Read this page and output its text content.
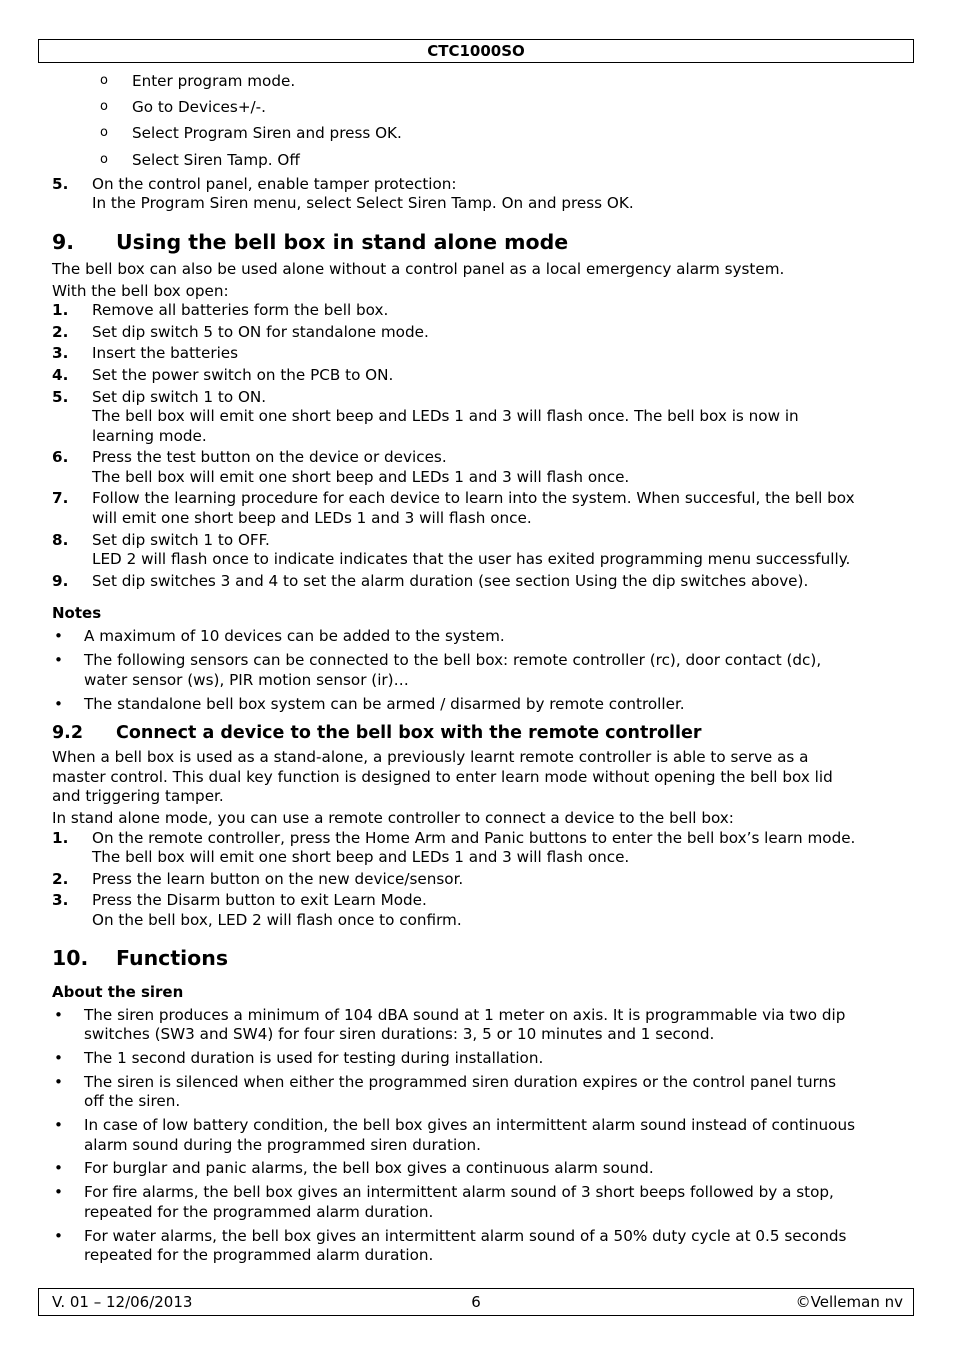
CTC1000SO
o Enter program mode.
o Go to Devices+/-.
o Select Program Siren and press OK.
o Select Siren Tamp. Off
5. On the control panel, enable tamper protection:
In the Program Siren menu, select Select Siren Tamp. On and press OK.
9. Using the bell box in stand alone mode

The bell box can also be used alone without a control panel as a local emergency alarm system.

With the bell box open:

1. Remove all batteries form the bell box.
2. Set dip switch 5 to ON for standalone mode.
3. Insert the batteries
4. Set the power switch on the PCB to ON.
5. Set dip switch 1 to ON.
The bell box will emit one short beep and LEDs 1 and 3 will flash once. The bell box is now in
learning mode.
6. Press the test button on the device or devices.
The bell box will emit one short beep and LEDs 1 and 3 will flash once.
7. Follow the learning procedure for each device to learn into the system. When succesful, the bell box
will emit one short beep and LEDs 1 and 3 will flash once.
8. Set dip switch 1 to OFF.
LED 2 will flash once to indicate indicates that the user has exited programming menu successfully.
9. Set dip switches 3 and 4 to set the alarm duration (see section Using the dip switches above).
Notes
• A maximum of 10 devices can be added to the system.
• The following sensors can be connected to the bell box: remote controller (rc), door contact (dc),
water sensor (ws), PIR motion sensor (ir)…
• The standalone bell box system can be armed / disarmed by remote controller.
9.2 Connect a device to the bell box with the remote controller
When a bell box is used as a stand-alone, a previously learnt remote controller is able to serve as a
master control. This dual key function is designed to enter learn mode without opening the bell box lid
and triggering tamper.

In stand alone mode, you can use a remote controller to connect a device to the bell box:

1. On the remote controller, press the Home Arm and Panic buttons to enter the bell box’s learn mode.
The bell box will emit one short beep and LEDs 1 and 3 will flash once.
2. Press the learn button on the new device/sensor.
3. Press the Disarm button to exit Learn Mode.
On the bell box, LED 2 will flash once to confirm.
10. Functions
About the siren
• The siren produces a minimum of 104 dBA sound at 1 meter on axis. It is programmable via two dip
switches (SW3 and SW4) for four siren durations: 3, 5 or 10 minutes and 1 second.
• The 1 second duration is used for testing during installation.
• The siren is silenced when either the programmed siren duration expires or the control panel turns
off the siren.
• In case of low battery condition, the bell box gives an intermittent alarm sound instead of continuous
alarm sound during the programmed siren duration.
• For burglar and panic alarms, the bell box gives a continuous alarm sound.
• For fire alarms, the bell box gives an intermittent alarm sound of 3 short beeps followed by a stop,
repeated for the programmed alarm duration.
• For water alarms, the bell box gives an intermittent alarm sound of a 50% duty cycle at 0.5 seconds
repeated for the programmed alarm duration.
V. 01 – 12/06/2013	6	©Velleman nv
